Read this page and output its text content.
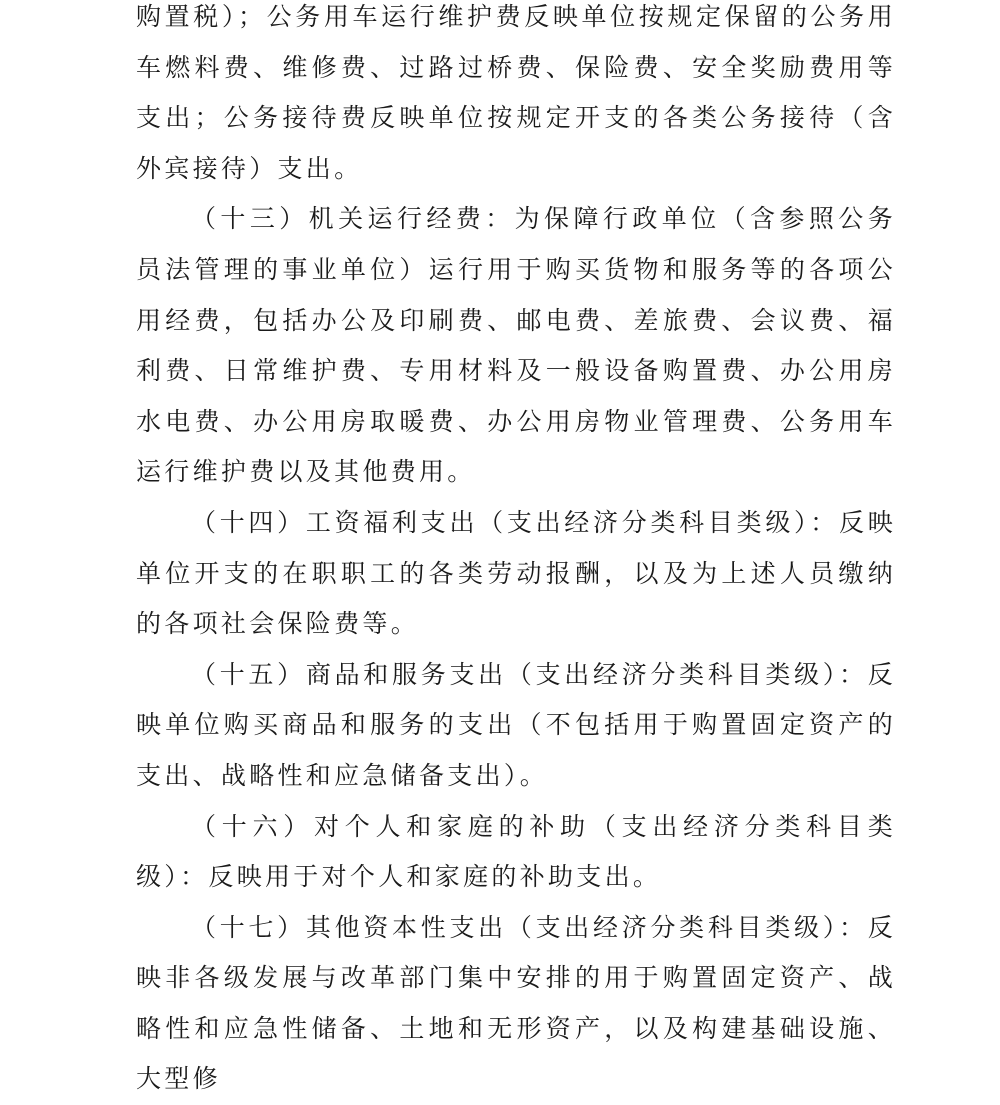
购置税）；公务用车运行维护费反映单位按规定保留的公务用车燃料费、维修费、过路过桥费、保险费、安全奖励费用等支出；公务接待费反映单位按规定开支的各类公务接待（含外宾接待）支出。

（十三）机关运行经费：为保障行政单位（含参照公务员法管理的事业单位）运行用于购买货物和服务等的各项公用经费，包括办公及印刷费、邮电费、差旅费、会议费、福利费、日常维护费、专用材料及一般设备购置费、办公用房水电费、办公用房取暖费、办公用房物业管理费、公务用车运行维护费以及其他费用。

（十四）工资福利支出（支出经济分类科目类级）：反映单位开支的在职职工的各类劳动报酬，以及为上述人员缴纳的各项社会保险费等。

（十五）商品和服务支出（支出经济分类科目类级）：反映单位购买商品和服务的支出（不包括用于购置固定资产的支出、战略性和应急储备支出）。

（十六）对个人和家庭的补助（支出经济分类科目类级）：反映用于对个人和家庭的补助支出。

（十七）其他资本性支出（支出经济分类科目类级）：反映非各级发展与改革部门集中安排的用于购置固定资产、战略性和应急性储备、土地和无形资产，以及构建基础设施、大型修
